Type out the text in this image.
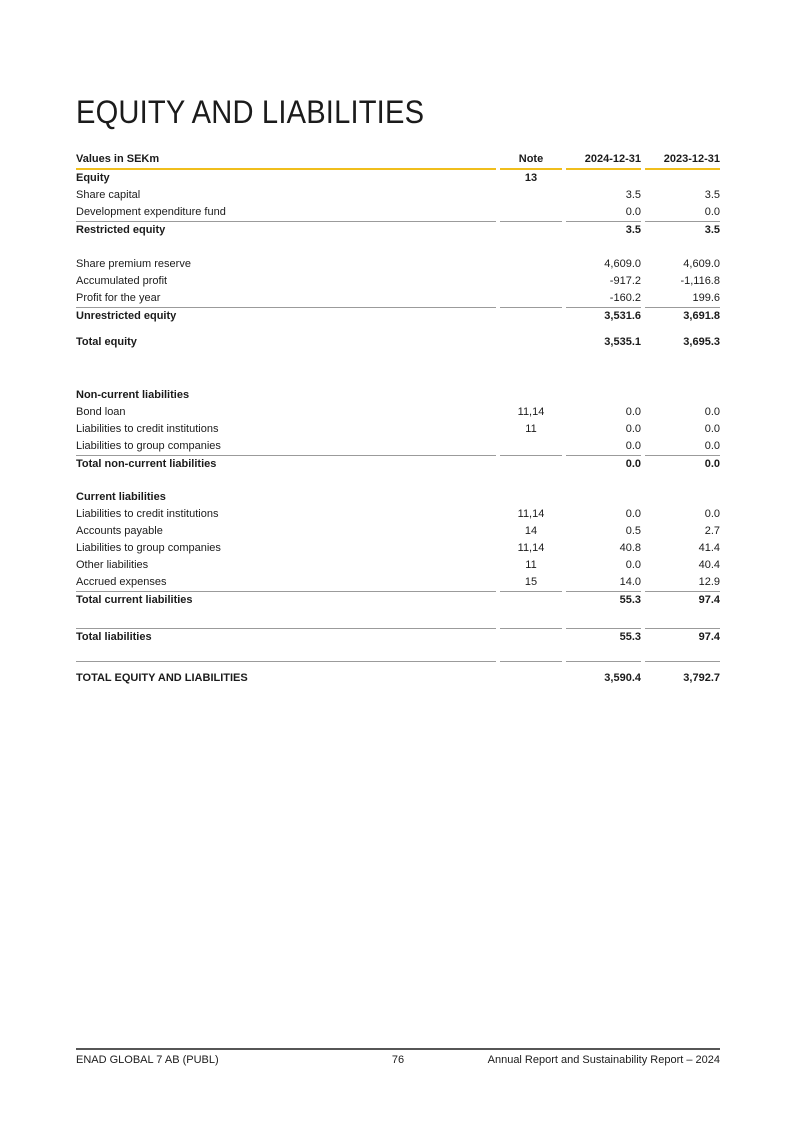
EQUITY AND LIABILITIES
Values in SEKm	Note	2024-12-31	2023-12-31
Equity	13		
Share capital		3.5	3.5
Development expenditure fund		0.0	0.0
Restricted equity		3.5	3.5

Share premium reserve		4,609.0	4,609.0
Accumulated profit		-917.2	-1,116.8
Profit for the year		-160.2	199.6
Unrestricted equity		3,531.6	3,691.8

Total equity		3,535.1	3,695.3

Non-current liabilities			
Bond loan	11,14	0.0	0.0
Liabilities to credit institutions	11	0.0	0.0
Liabilities to group companies		0.0	0.0
Total non-current liabilities		0.0	0.0

Current liabilities			
Liabilities to credit institutions	11,14	0.0	0.0
Accounts payable	14	0.5	2.7
Liabilities to group companies	11,14	40.8	41.4
Other liabilities	11	0.0	40.4
Accrued expenses	15	14.0	12.9
Total current liabilities		55.3	97.4

Total liabilities		55.3	97.4

TOTAL EQUITY AND LIABILITIES		3,590.4	3,792.7
ENAD GLOBAL 7 AB (PUBL)	76	Annual Report and Sustainability Report – 2024
